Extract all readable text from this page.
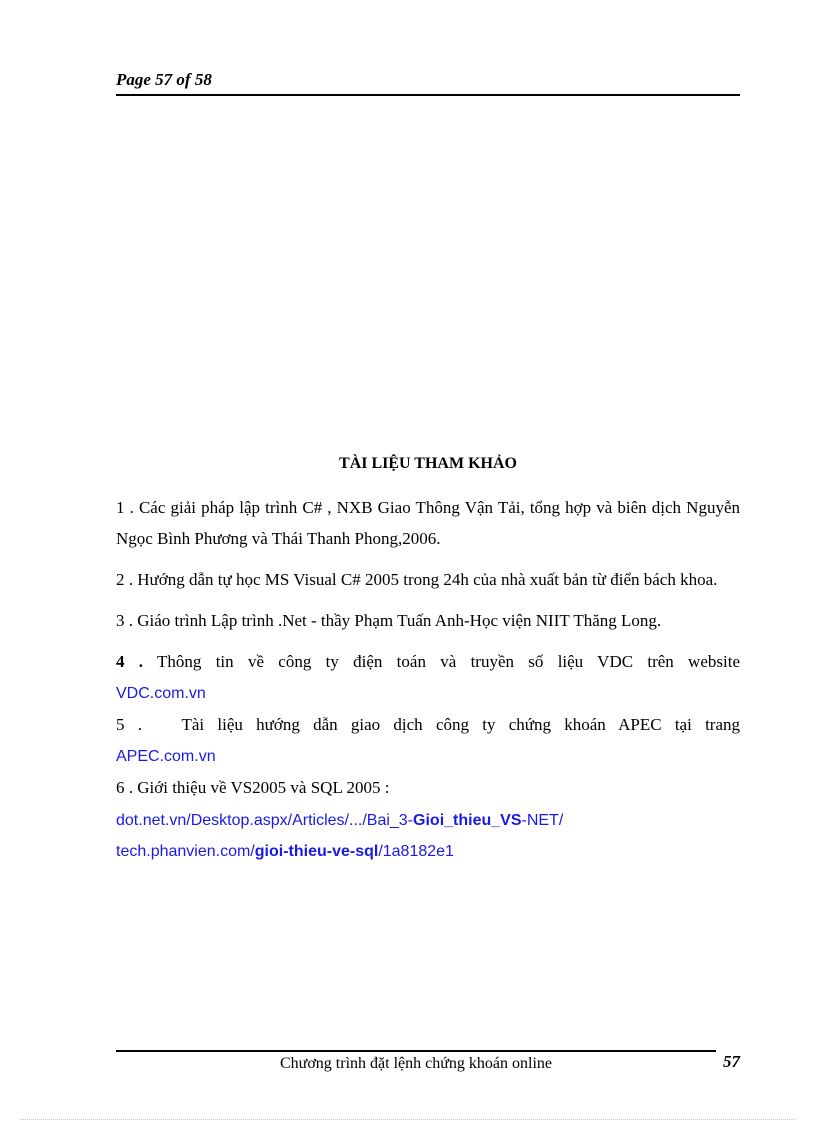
Page 57 of 58
TÀI LIỆU THAM KHẢO

1 . Các giải pháp lập trình C# , NXB Giao Thông Vận Tải, tổng hợp và biên dịch Nguyễn Ngọc Bình Phương và Thái Thanh Phong,2006.

2 . Hướng dẫn tự học MS Visual C# 2005 trong 24h của nhà xuất bản từ điển bách khoa.

3 . Giáo trình Lập trình .Net - thầy Phạm Tuấn Anh-Học viện NIIT Thăng Long.

4 . Thông tin về công ty điện toán và truyền số liệu VDC trên website

VDC.com.vn

5 .   Tài liệu hướng dẫn giao dịch công ty chứng khoán APEC tại trang

APEC.com.vn

6 . Giới thiệu về VS2005 và SQL 2005 :

dot.net.vn/Desktop.aspx/Articles/.../Bai_3-Gioi_thieu_VS-NET/

tech.phanvien.com/gioi-thieu-ve-sql/1a8182e1

Chương trình đặt lệnh chứng khoán online	57
